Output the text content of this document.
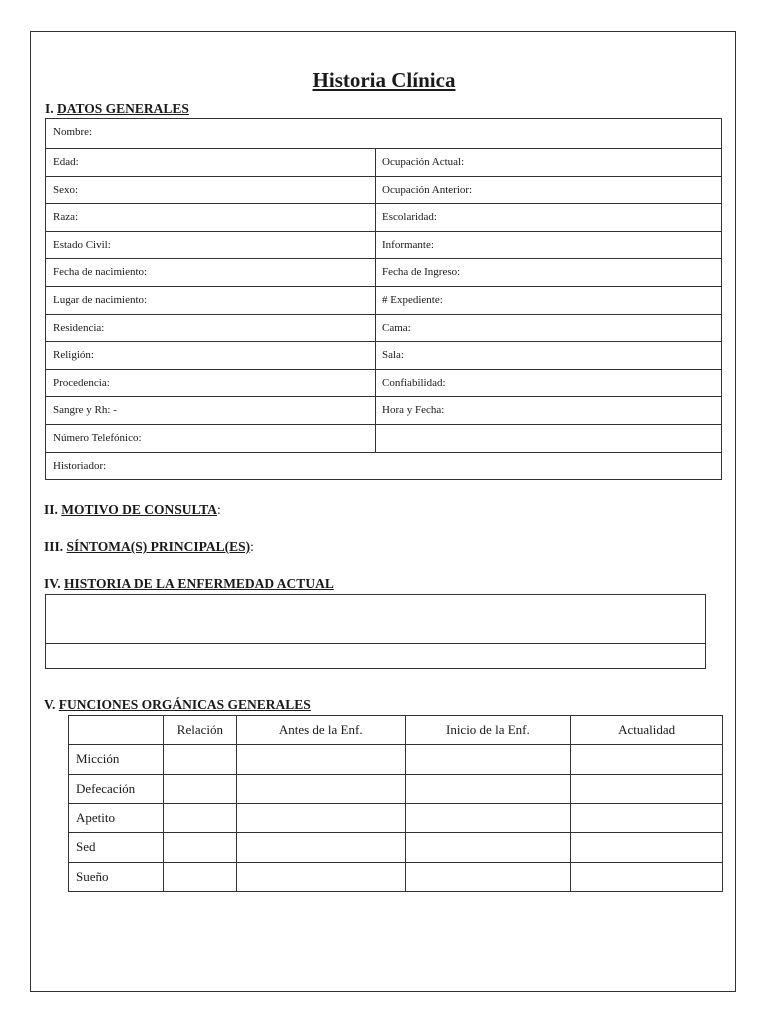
Historia Clínica
I. DATOS GENERALES
Nombre:
Edad:	Ocupación Actual:
Sexo:	Ocupación Anterior:
Raza:	Escolaridad:
Estado Civil:	Informante:
Fecha de nacimiento:	Fecha de Ingreso:
Lugar de nacimiento:	# Expediente:
Residencia:	Cama:
Religión:	Sala:
Procedencia:	Confiabilidad:
Sangre y Rh: -	Hora y Fecha:
Número Telefónico:
Historiador:
II. MOTIVO DE CONSULTA:
III. SÍNTOMA(S) PRINCIPAL(ES):
IV. HISTORIA DE LA ENFERMEDAD ACTUAL
V. FUNCIONES ORGÁNICAS GENERALES
	Relación	Antes de la Enf.	Inicio de la Enf.	Actualidad
Micción				
Defecación				
Apetito				
Sed				
Sueño				
